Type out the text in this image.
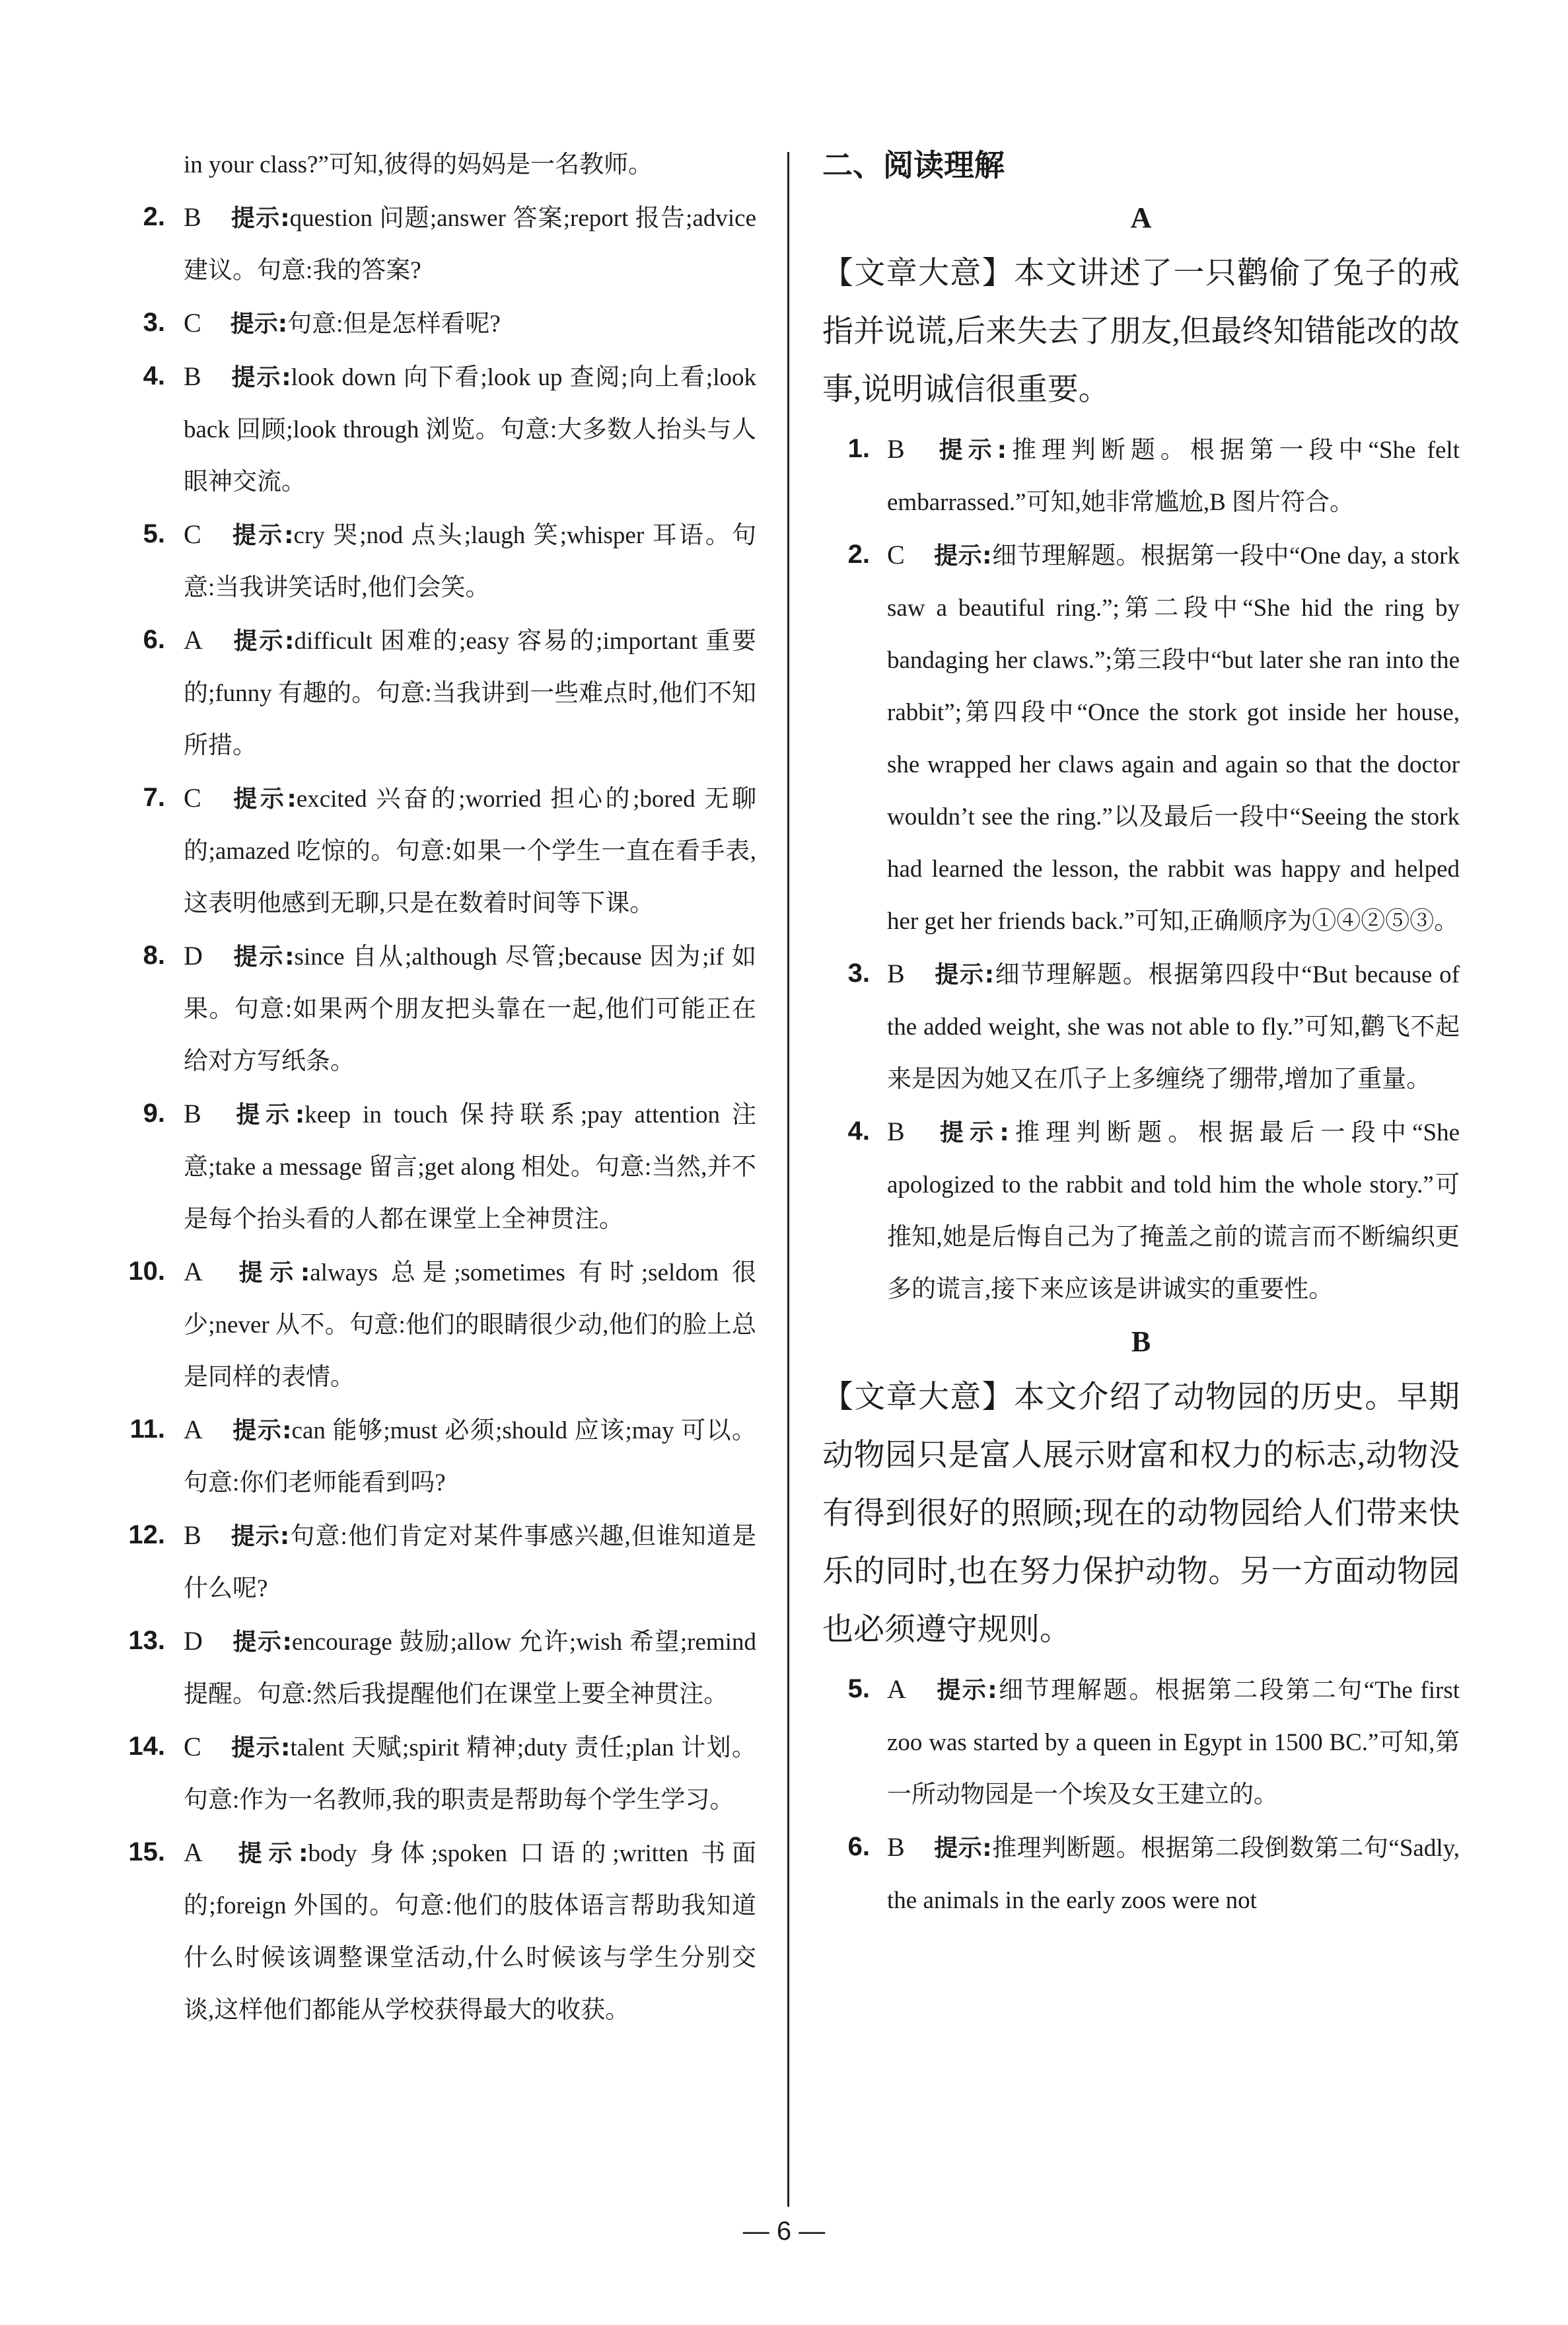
in your class?”可知,彼得的妈妈是一名教师。

2. B 提示:question 问题;answer 答案;report 报告;advice 建议。句意:我的答案?

3. C 提示:句意:但是怎样看呢?

4. B 提示:look down 向下看;look up 查阅;向上看;look back 回顾;look through 浏览。句意:大多数人抬头与人眼神交流。

5. C 提示:cry 哭;nod 点头;laugh 笑;whisper 耳语。句意:当我讲笑话时,他们会笑。

6. A 提示:difficult 困难的;easy 容易的;important 重要的;funny 有趣的。句意:当我讲到一些难点时,他们不知所措。

7. C 提示:excited 兴奋的;worried 担心的;bored 无聊的;amazed 吃惊的。句意:如果一个学生一直在看手表,这表明他感到无聊,只是在数着时间等下课。

8. D 提示:since 自从;although 尽管;because 因为;if 如果。句意:如果两个朋友把头靠在一起,他们可能正在给对方写纸条。

9. B 提示:keep in touch 保持联系;pay attention 注意;take a message 留言;get along 相处。句意:当然,并不是每个抬头看的人都在课堂上全神贯注。

10. A 提示:always 总是;sometimes 有时;seldom 很少;never 从不。句意:他们的眼睛很少动,他们的脸上总是同样的表情。

11. A 提示:can 能够;must 必须;should 应该;may 可以。句意:你们老师能看到吗?

12. B 提示:句意:他们肯定对某件事感兴趣,但谁知道是什么呢?

13. D 提示:encourage 鼓励;allow 允许;wish 希望;remind 提醒。句意:然后我提醒他们在课堂上要全神贯注。

14. C 提示:talent 天赋;spirit 精神;duty 责任;plan 计划。句意:作为一名教师,我的职责是帮助每个学生学习。

15. A 提示:body 身体;spoken 口语的;written 书面的;foreign 外国的。句意:他们的肢体语言帮助我知道什么时候该调整课堂活动,什么时候该与学生分别交谈,这样他们都能从学校获得最大的收获。

二、阅读理解
A

【文章大意】本文讲述了一只鹳偷了兔子的戒指并说谎,后来失去了朋友,但最终知错能改的故事,说明诚信很重要。

1. B 提示:推理判断题。根据第一段中“She felt embarrassed.”可知,她非常尴尬,B 图片符合。

2. C 提示:细节理解题。根据第一段中“One day, a stork saw a beautiful ring.”;第二段中“She hid the ring by bandaging her claws.”;第三段中“but later she ran into the rabbit”;第四段中“Once the stork got inside her house, she wrapped her claws again and again so that the doctor wouldn’t see the ring.”以及最后一段中“Seeing the stork had learned the lesson, the rabbit was happy and helped her get her friends back.”可知,正确顺序为①④②⑤③。

3. B 提示:细节理解题。根据第四段中“But because of the added weight, she was not able to fly.”可知,鹳飞不起来是因为她又在爪子上多缠绕了绷带,增加了重量。

4. B 提示:推理判断题。根据最后一段中“She apologized to the rabbit and told him the whole story.”可推知,她是后悔自己为了掩盖之前的谎言而不断编织更多的谎言,接下来应该是讲诚实的重要性。

B

【文章大意】本文介绍了动物园的历史。早期动物园只是富人展示财富和权力的标志,动物没有得到很好的照顾;现在的动物园给人们带来快乐的同时,也在努力保护动物。另一方面动物园也必须遵守规则。

5. A 提示:细节理解题。根据第二段第二句“The first zoo was started by a queen in Egypt in 1500 BC.”可知,第一所动物园是一个埃及女王建立的。

6. B 提示:推理判断题。根据第二段倒数第二句“Sadly, the animals in the early zoos were not

— 6 —
